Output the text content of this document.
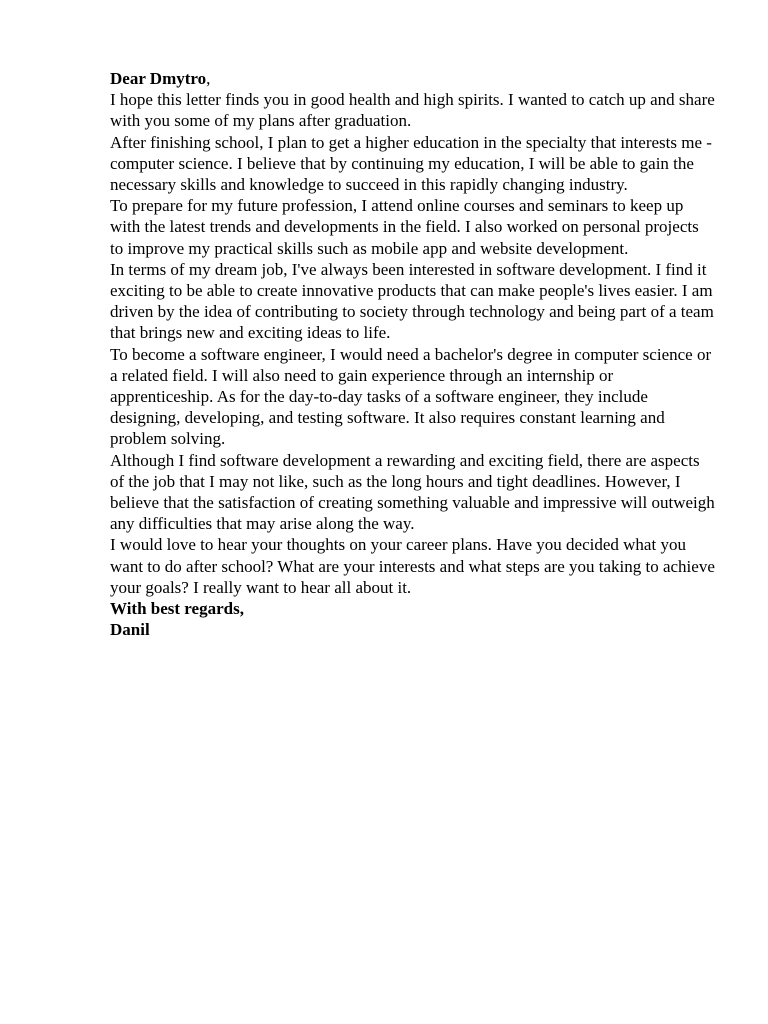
Dear Dmytro,

I hope this letter finds you in good health and high spirits. I wanted to catch up and share with you some of my plans after graduation.

After finishing school, I plan to get a higher education in the specialty that interests me - computer science. I believe that by continuing my education, I will be able to gain the necessary skills and knowledge to succeed in this rapidly changing industry.

To prepare for my future profession, I attend online courses and seminars to keep up with the latest trends and developments in the field. I also worked on personal projects to improve my practical skills such as mobile app and website development.

In terms of my dream job, I've always been interested in software development. I find it exciting to be able to create innovative products that can make people's lives easier. I am driven by the idea of contributing to society through technology and being part of a team that brings new and exciting ideas to life.

To become a software engineer, I would need a bachelor's degree in computer science or a related field. I will also need to gain experience through an internship or apprenticeship. As for the day-to-day tasks of a software engineer, they include designing, developing, and testing software. It also requires constant learning and problem solving.

Although I find software development a rewarding and exciting field, there are aspects of the job that I may not like, such as the long hours and tight deadlines. However, I believe that the satisfaction of creating something valuable and impressive will outweigh any difficulties that may arise along the way.

I would love to hear your thoughts on your career plans. Have you decided what you want to do after school? What are your interests and what steps are you taking to achieve your goals? I really want to hear all about it.

With best regards,

Danil
